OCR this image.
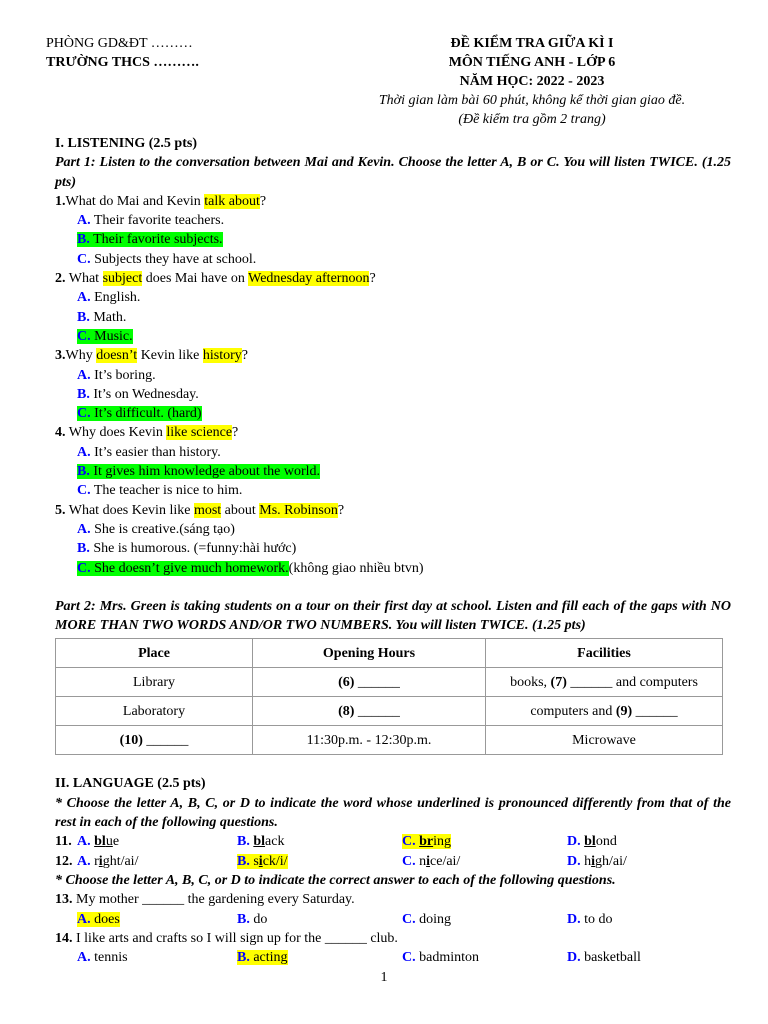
PHÒNG GD&ĐT ………
TRƯỜNG THCS ……….
ĐỀ KIỂM TRA GIỮA KÌ I
MÔN TIẾNG ANH - LỚP 6
NĂM HỌC: 2022 - 2023
Thời gian làm bài 60 phút, không kể thời gian giao đề.
(Đề kiểm tra gồm 2 trang)
I. LISTENING (2.5 pts)
Part 1: Listen to the conversation between Mai and Kevin. Choose the letter A, B or C. You will listen TWICE. (1.25 pts)
1.What do Mai and Kevin talk about?
A. Their favorite teachers.
B. Their favorite subjects.
C. Subjects they have at school.
2. What subject does Mai have on Wednesday afternoon?
A. English.
B. Math.
C. Music.
3.Why doesn’t Kevin like history?
A. It’s boring.
B. It’s on Wednesday.
C. It’s difficult. (hard)
4. Why does Kevin like science?
A. It’s easier than history.
B. It gives him knowledge about the world.
C. The teacher is nice to him.
5. What does Kevin like most about Ms. Robinson?
A. She is creative.(sáng tạo)
B. She is humorous. (=funny:hài hước)
C. She doesn’t give much homework.(không giao nhiều btvn)
Part 2: Mrs. Green is taking students on a tour on their first day at school. Listen and fill each of the gaps with NO MORE THAN TWO WORDS AND/OR TWO NUMBERS. You will listen TWICE. (1.25 pts)
Place	Opening Hours	Facilities
Library	(6) ______	books, (7) ______ and computers
Laboratory	(8) ______	computers and (9) ______
(10) ______	11:30p.m. - 12:30p.m.	Microwave
II. LANGUAGE (2.5 pts)
* Choose the letter A, B, C, or D to indicate the word whose underlined is pronounced differently from that of the rest in each of the following questions.
11. A. blue	B. black	C. bring	D. blond
12. A. right/ai/	B. sick/i/	C. nice/ai/	D. high/ai/
* Choose the letter A, B, C, or D to indicate the correct answer to each of the following questions.
13. My mother ______ the gardening every Saturday.
A. does	B. do	C. doing	D. to do
14. I like arts and crafts so I will sign up for the ______ club.
A. tennis	B. acting	C. badminton	D. basketball
1
